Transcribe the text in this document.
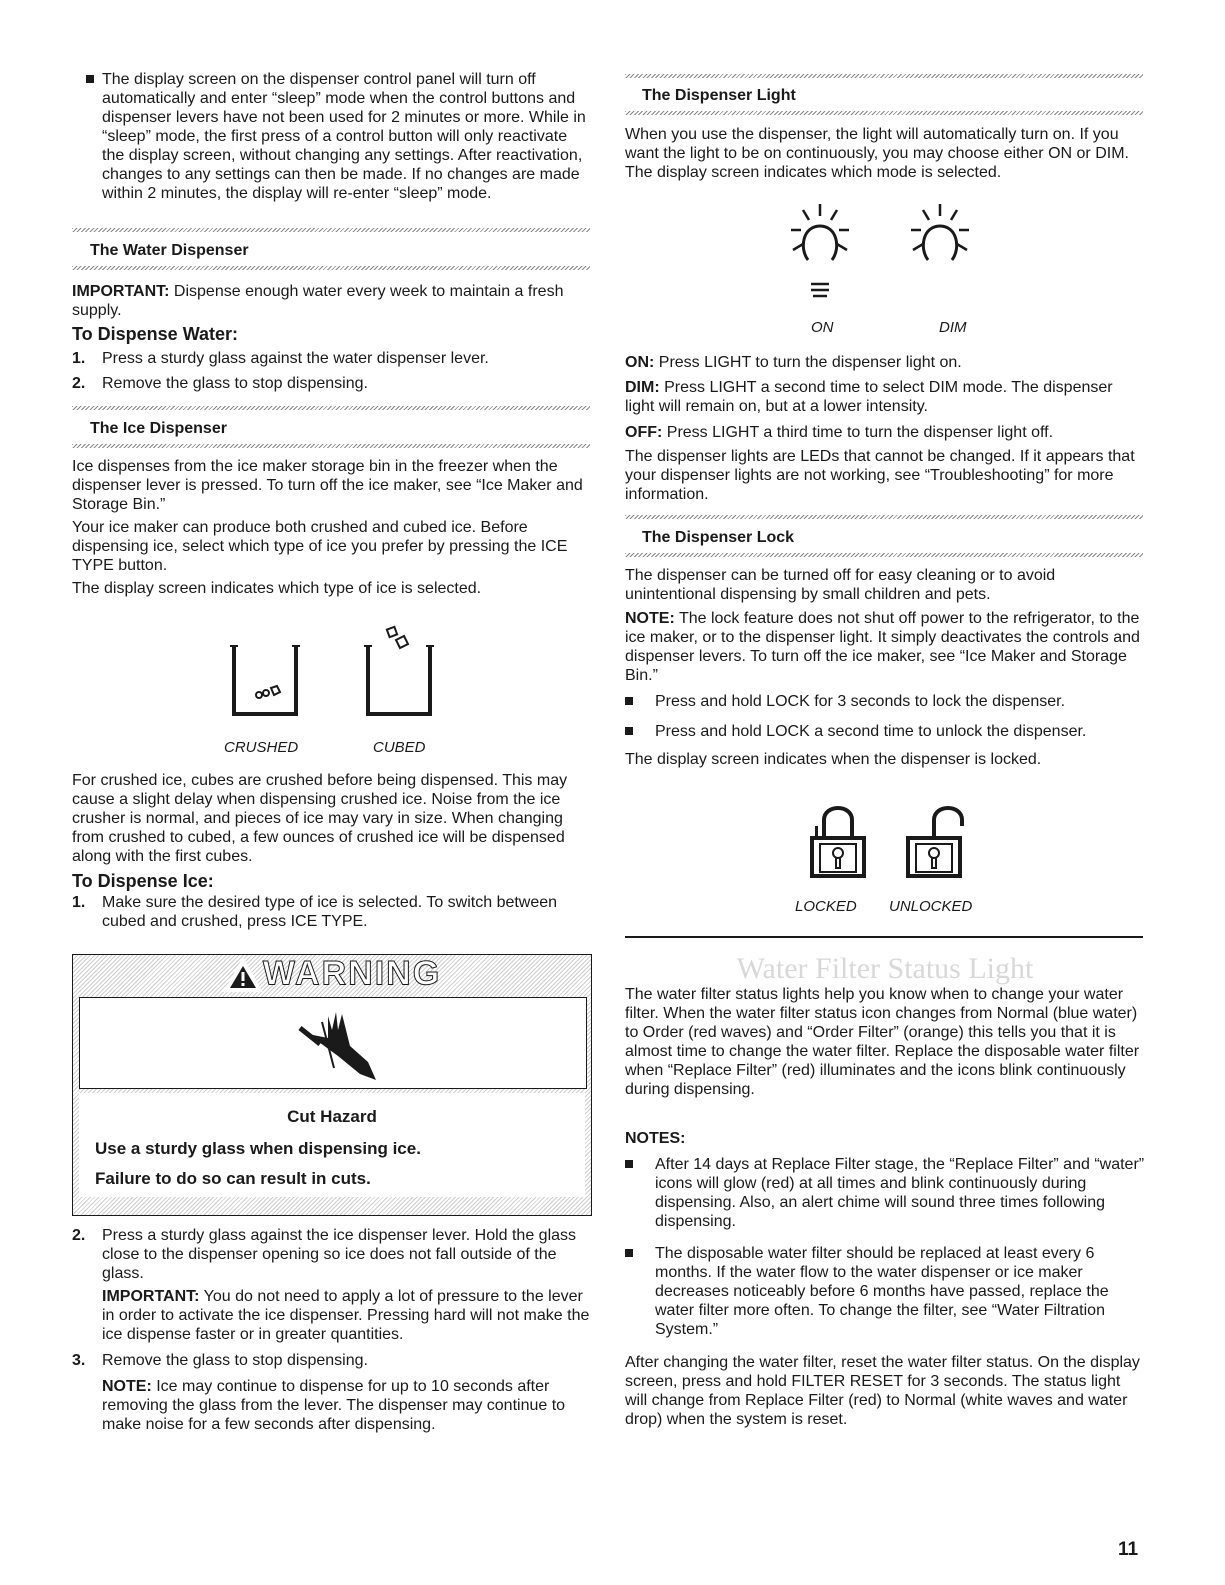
The display screen on the dispenser control panel will turn off automatically and enter “sleep” mode when the control buttons and dispenser levers have not been used for 2 minutes or more. While in “sleep” mode, the first press of a control button will only reactivate the display screen, without changing any settings. After reactivation, changes to any settings can then be made. If no changes are made within 2 minutes, the display will re-enter “sleep” mode.

The Water Dispenser

IMPORTANT: Dispense enough water every week to maintain a fresh supply.

To Dispense Water:
1. Press a sturdy glass against the water dispenser lever.

2. Remove the glass to stop dispensing.

The Ice Dispenser

Ice dispenses from the ice maker storage bin in the freezer when the dispenser lever is pressed. To turn off the ice maker, see “Ice Maker and Storage Bin.”

Your ice maker can produce both crushed and cubed ice. Before dispensing ice, select which type of ice you prefer by pressing the ICE TYPE button.

The display screen indicates which type of ice is selected.

CRUSHED	CUBED

For crushed ice, cubes are crushed before being dispensed. This may cause a slight delay when dispensing crushed ice. Noise from the ice crusher is normal, and pieces of ice may vary in size. When changing from crushed to cubed, a few ounces of crushed ice will be dispensed along with the first cubes.

To Dispense Ice:
1. Make sure the desired type of ice is selected. To switch between cubed and crushed, press ICE TYPE.

WARNING
Cut Hazard
Use a sturdy glass when dispensing ice.
Failure to do so can result in cuts.
2. Press a sturdy glass against the ice dispenser lever. Hold the glass close to the dispenser opening so ice does not fall outside of the glass.

IMPORTANT: You do not need to apply a lot of pressure to the lever in order to activate the ice dispenser. Pressing hard will not make the ice dispense faster or in greater quantities.

3. Remove the glass to stop dispensing.

NOTE: Ice may continue to dispense for up to 10 seconds after removing the glass from the lever. The dispenser may continue to make noise for a few seconds after dispensing.

The Dispenser Light

When you use the dispenser, the light will automatically turn on. If you want the light to be on continuously, you may choose either ON or DIM. The display screen indicates which mode is selected.

ON	DIM

ON: Press LIGHT to turn the dispenser light on.

DIM: Press LIGHT a second time to select DIM mode. The dispenser light will remain on, but at a lower intensity.

OFF: Press LIGHT a third time to turn the dispenser light off.

The dispenser lights are LEDs that cannot be changed. If it appears that your dispenser lights are not working, see “Troubleshooting” for more information.

The Dispenser Lock

The dispenser can be turned off for easy cleaning or to avoid unintentional dispensing by small children and pets.

NOTE: The lock feature does not shut off power to the refrigerator, to the ice maker, or to the dispenser light. It simply deactivates the controls and dispenser levers. To turn off the ice maker, see “Ice Maker and Storage Bin.”

Press and hold LOCK for 3 seconds to lock the dispenser.

Press and hold LOCK a second time to unlock the dispenser.

The display screen indicates when the dispenser is locked.

LOCKED UNLOCKED
Water Filter Status Light

The water filter status lights help you know when to change your water filter. When the water filter status icon changes from Normal (blue water) to Order (red waves) and “Order Filter” (orange) this tells you that it is almost time to change the water filter. Replace the disposable water filter when “Replace Filter” (red) illuminates and the icons blink continuously during dispensing.

NOTES:

After 14 days at Replace Filter stage, the “Replace Filter” and “water” icons will glow (red) at all times and blink continuously during dispensing. Also, an alert chime will sound three times following dispensing.

The disposable water filter should be replaced at least every 6 months. If the water flow to the water dispenser or ice maker decreases noticeably before 6 months have passed, replace the water filter more often. To change the filter, see “Water Filtration System.”

After changing the water filter, reset the water filter status. On the display screen, press and hold FILTER RESET for 3 seconds. The status light will change from Replace Filter (red) to Normal (white waves and water drop) when the system is reset.

11
